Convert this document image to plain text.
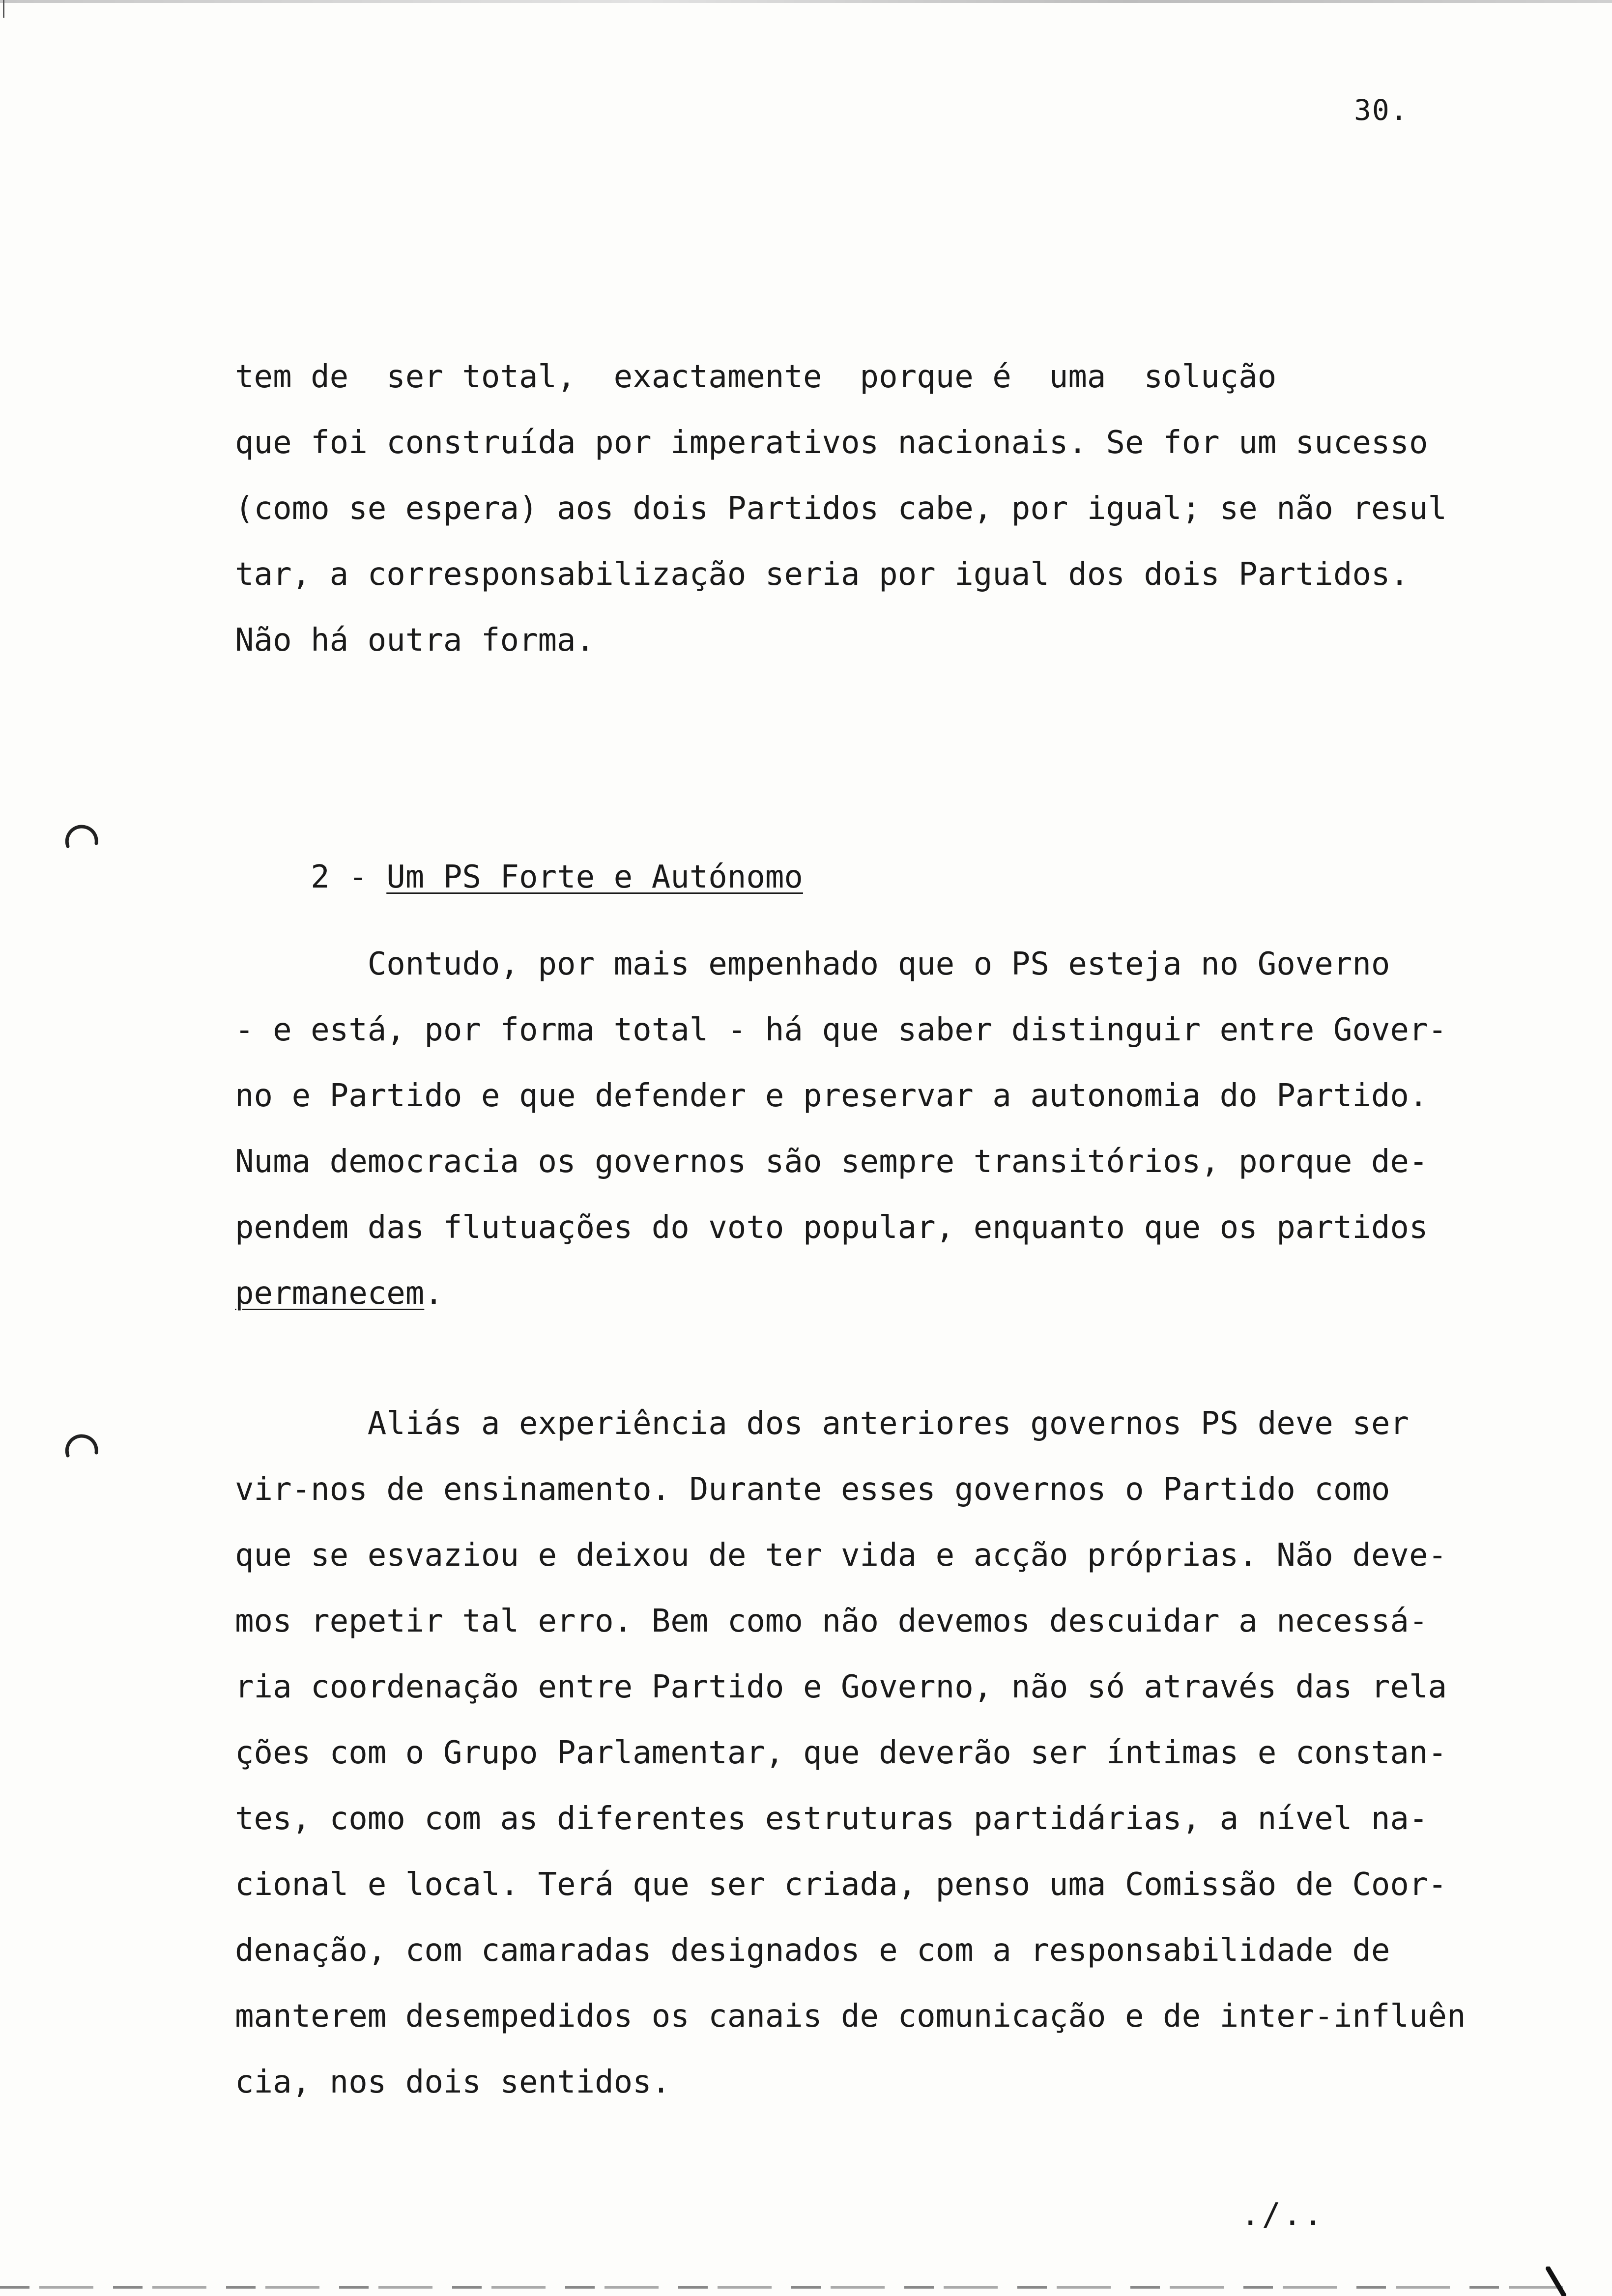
30.
tem de  ser total,  exactamente  porque é  uma  solução
que foi construída por imperativos nacionais. Se for um sucesso
(como se espera) aos dois Partidos cabe, por igual; se não resul
tar, a corresponsabilização seria por igual dos dois Partidos.
Não há outra forma.

2 - Um PS Forte e Autónomo

Contudo, por mais empenhado que o PS esteja no Governo
- e está, por forma total - há que saber distinguir entre Gover-
no e Partido e que defender e preservar a autonomia do Partido.
Numa democracia os governos são sempre transitórios, porque de-
pendem das flutuações do voto popular, enquanto que os partidos
permanecem.
Aliás a experiência dos anteriores governos PS deve ser
vir-nos de ensinamento. Durante esses governos o Partido como
que se esvaziou e deixou de ter vida e acção próprias. Não deve-
mos repetir tal erro. Bem como não devemos descuidar a necessá-
ria coordenação entre Partido e Governo, não só através das rela
ções com o Grupo Parlamentar, que deverão ser íntimas e constan-
tes, como com as diferentes estruturas partidárias, a nível na-
cional e local. Terá que ser criada, penso uma Comissão de Coor-
denação, com camaradas designados e com a responsabilidade de
manterem desempedidos os canais de comunicação e de inter-influên
cia, nos dois sentidos.
./..
